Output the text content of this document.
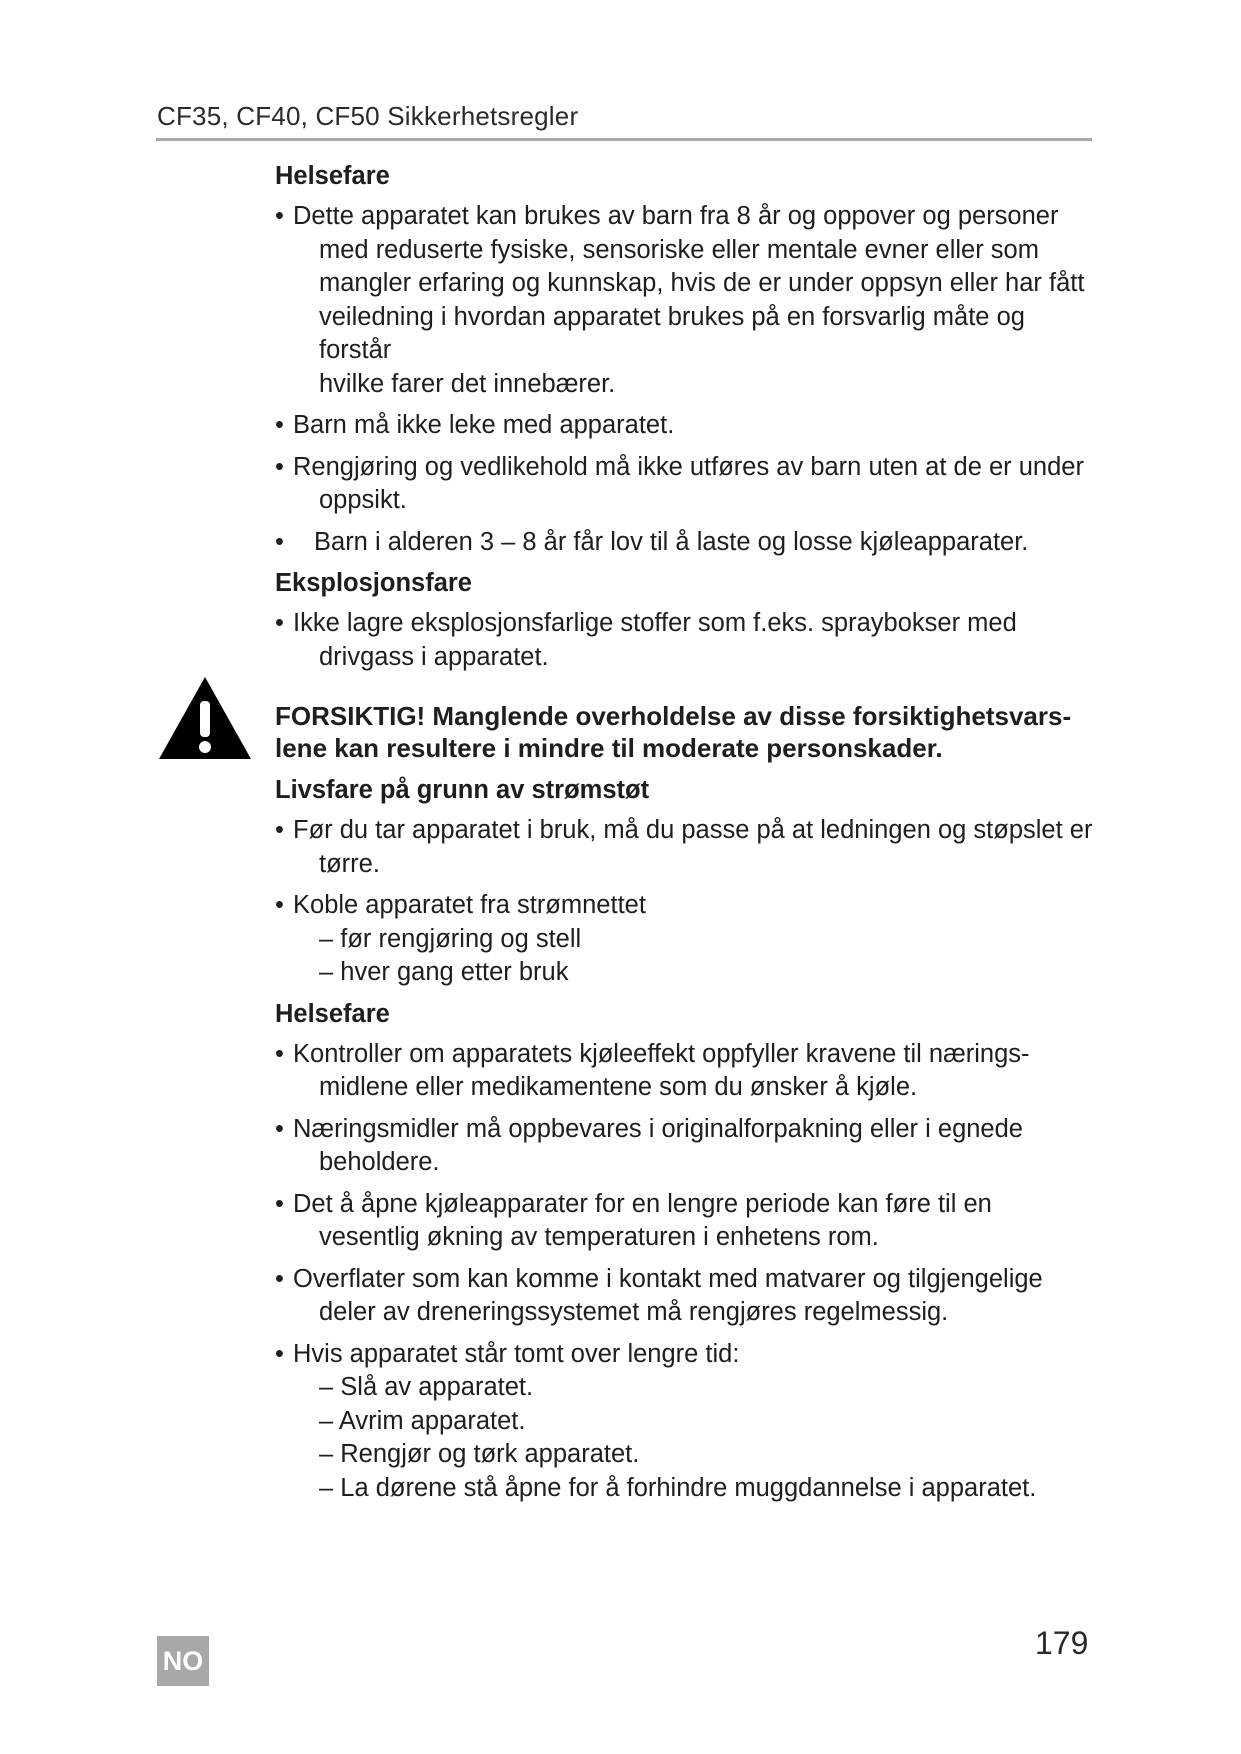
CF35, CF40, CF50 Sikkerhetsregler
Helsefare
• Dette apparatet kan brukes av barn fra 8 år og oppover og personer
med reduserte fysiske, sensoriske eller mentale evner eller som
mangler erfaring og kunnskap, hvis de er under oppsyn eller har fått
veiledning i hvordan apparatet brukes på en forsvarlig måte og forstår
hvilke farer det innebærer.
• Barn må ikke leke med apparatet.
• Rengjøring og vedlikehold må ikke utføres av barn uten at de er under
oppsikt.
• Barn i alderen 3 – 8 år får lov til å laste og losse kjøleapparater.
Eksplosjonsfare
• Ikke lagre eksplosjonsfarlige stoffer som f.eks. spraybokser med
drivgass i apparatet.
FORSIKTIG! Manglende overholdelse av disse forsiktighetsvars-
lene kan resultere i mindre til moderate personskader.
Livsfare på grunn av strømstøt
• Før du tar apparatet i bruk, må du passe på at ledningen og støpslet er
tørre.
• Koble apparatet fra strømnettet
– før rengjøring og stell
– hver gang etter bruk
Helsefare
• Kontroller om apparatets kjøleeffekt oppfyller kravene til nærings-
midlene eller medikamentene som du ønsker å kjøle.
• Næringsmidler må oppbevares i originalforpakning eller i egnede
beholdere.
• Det å åpne kjøleapparater for en lengre periode kan føre til en
vesentlig økning av temperaturen i enhetens rom.
• Overflater som kan komme i kontakt med matvarer og tilgjengelige
deler av dreneringssystemet må rengjøres regelmessig.
• Hvis apparatet står tomt over lengre tid:
– Slå av apparatet.
– Avrim apparatet.
– Rengjør og tørk apparatet.
– La dørene stå åpne for å forhindre muggdannelse i apparatet.
NO	179
